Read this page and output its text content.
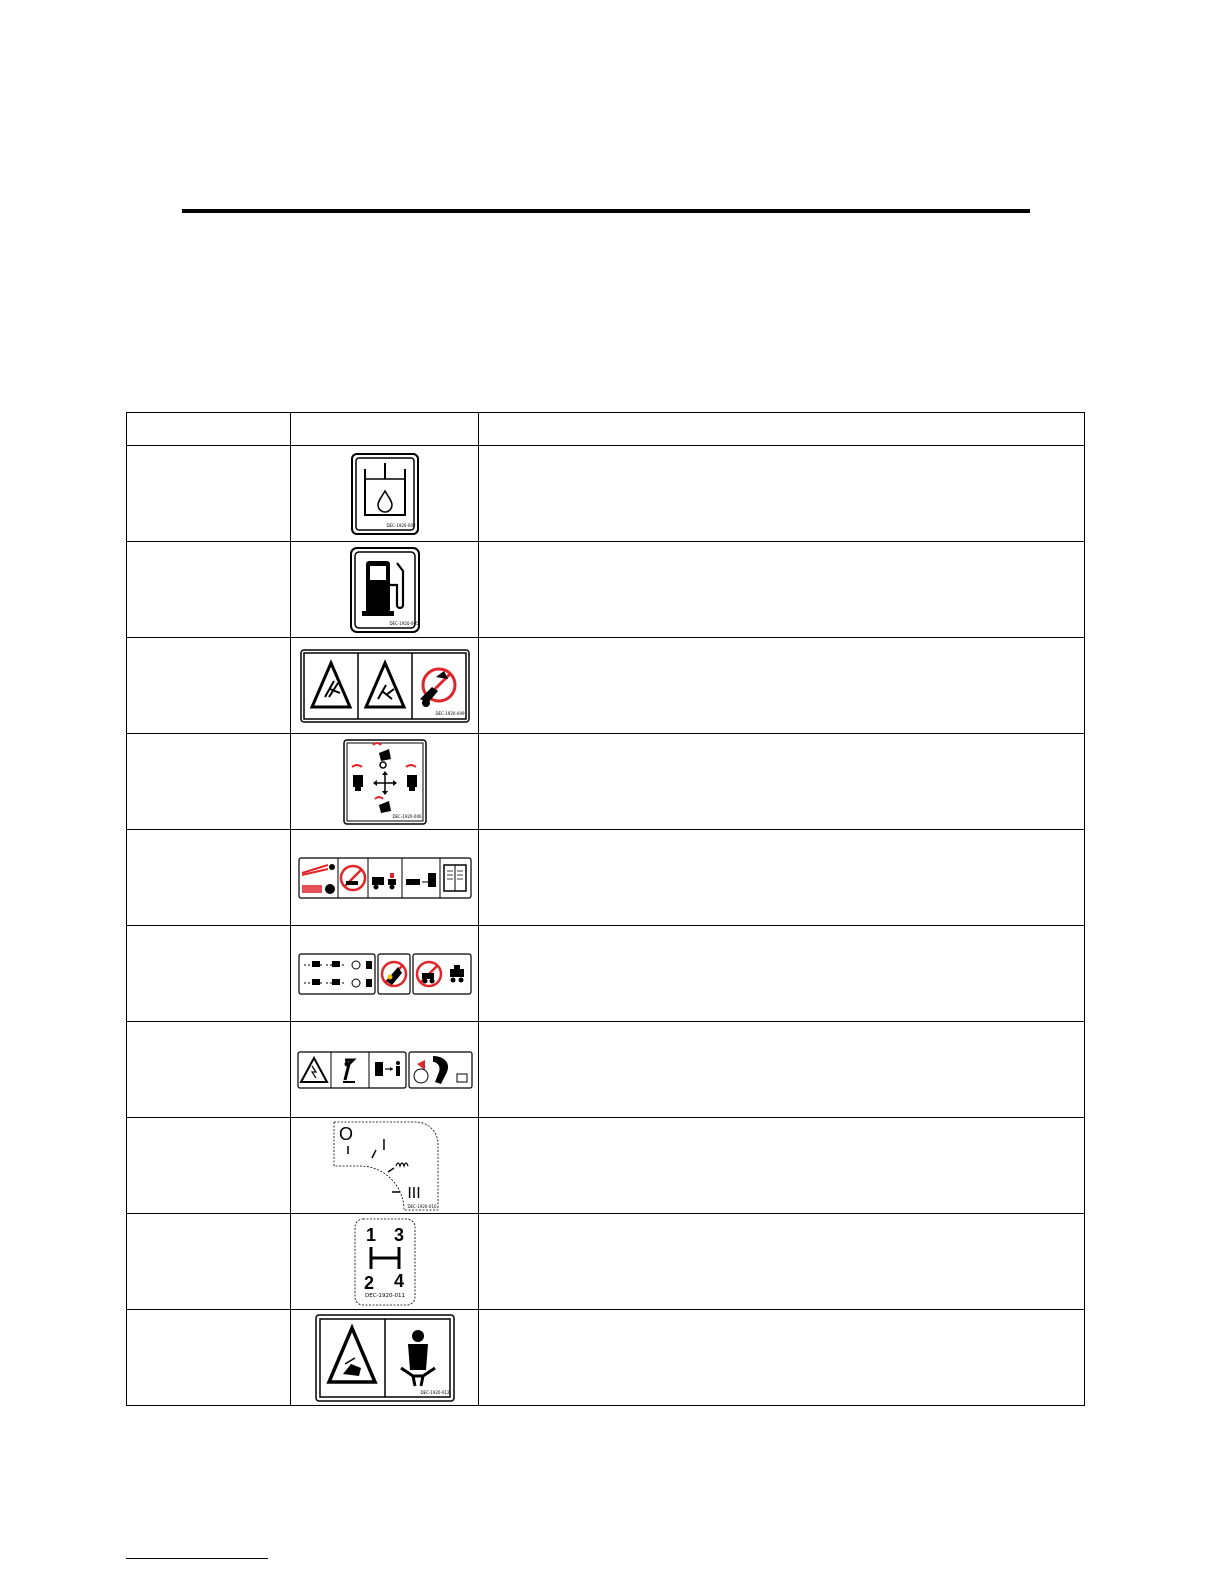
DEC-1920-002	

DEC-1920-005	

DEC-1920-009	

DEC-1920-006	

O
I
III
DEC-1920-010	

1 3
2 4
DEC-1920-011	

DEC-1920-012	
